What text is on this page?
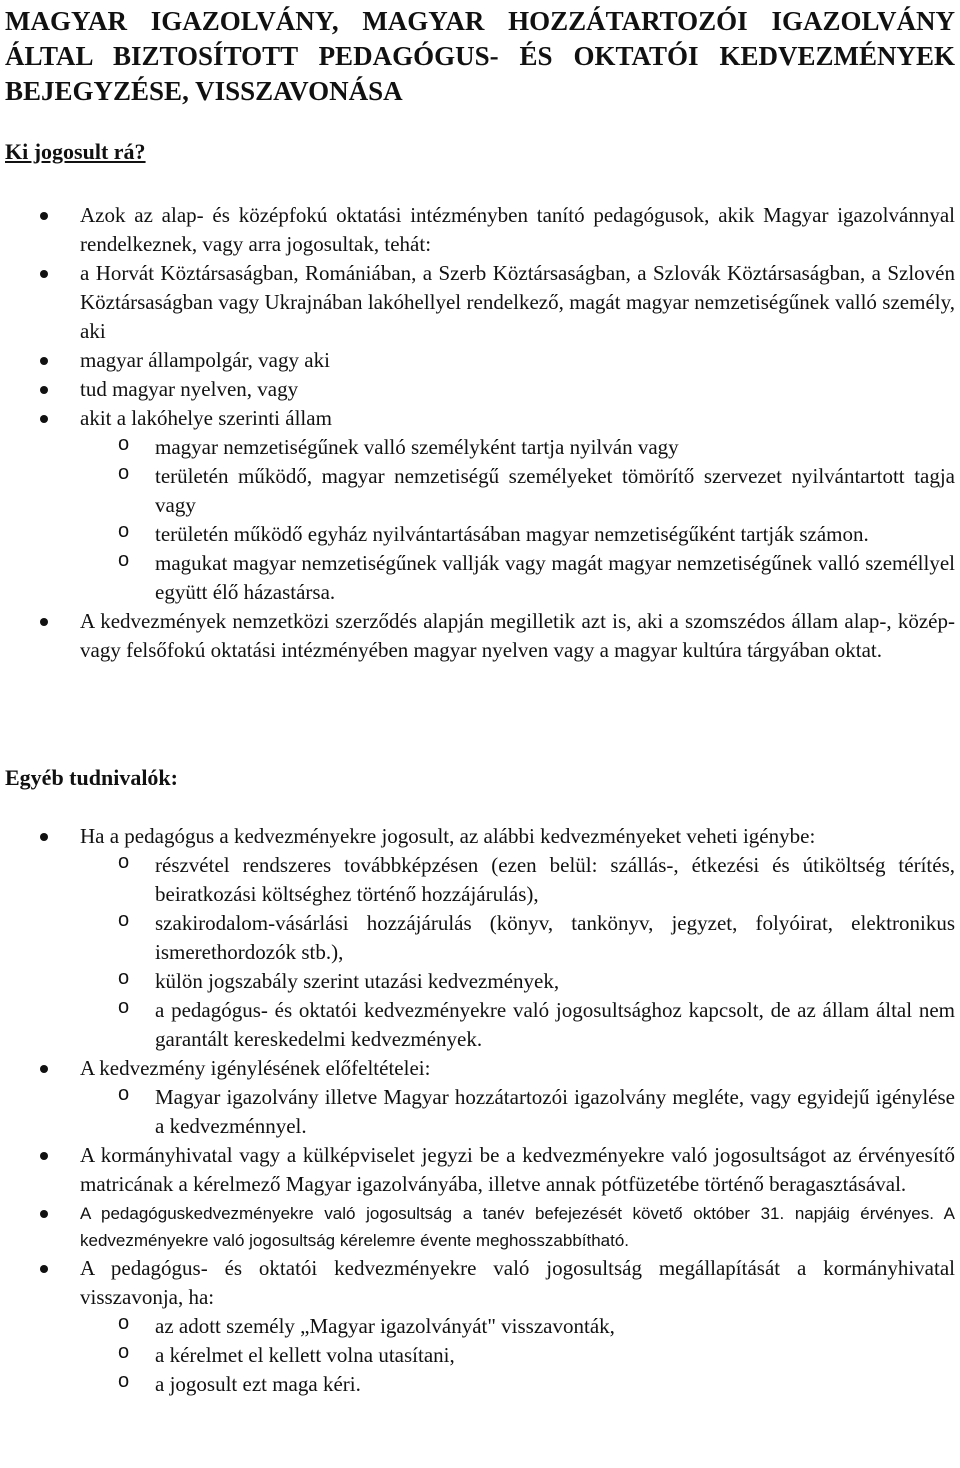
MAGYAR IGAZOLVÁNY, MAGYAR HOZZÁTARTOZÓI IGAZOLVÁNY ÁLTAL BIZTOSÍTOTT PEDAGÓGUS- ÉS OKTATÓI KEDVEZMÉNYEK BEJEGYZÉSE, VISSZAVONÁSA
Ki jogosult rá?
Azok az alap- és középfokú oktatási intézményben tanító pedagógusok, akik Magyar igazolvánnyal rendelkeznek, vagy arra jogosultak, tehát:
a Horvát Köztársaságban, Romániában, a Szerb Köztársaságban, a Szlovák Köztársaságban, a Szlovén Köztársaságban vagy Ukrajnában lakóhellyel rendelkező, magát magyar nemzetiségűnek valló személy, aki
magyar állampolgár, vagy aki
tud magyar nyelven, vagy
akit a lakóhelye szerinti állam
o magyar nemzetiségűnek valló személyként tartja nyilván vagy
o területén működő, magyar nemzetiségű személyeket tömörítő szervezet nyilvántartott tagja vagy
o területén működő egyház nyilvántartásában magyar nemzetiségűként tartják számon.
o magukat magyar nemzetiségűnek vallják vagy magát magyar nemzetiségűnek valló személlyel együtt élő házastársa.
A kedvezmények nemzetközi szerződés alapján megilletik azt is, aki a szomszédos állam alap-, közép- vagy felsőfokú oktatási intézményében magyar nyelven vagy a magyar kultúra tárgyában oktat.
Egyéb tudnivalók:
Ha a pedagógus a kedvezményekre jogosult, az alábbi kedvezményeket veheti igénybe:
o részvétel rendszeres továbbképzésen (ezen belül: szállás-, étkezési és útiköltség térítés, beiratkozási költséghez történő hozzájárulás),
o szakirodalom-vásárlási hozzájárulás (könyv, tankönyv, jegyzet, folyóirat, elektronikus ismerethordozók stb.),
o külön jogszabály szerint utazási kedvezmények,
o a pedagógus- és oktatói kedvezményekre való jogosultsághoz kapcsolt, de az állam által nem garantált kereskedelmi kedvezmények.
A kedvezmény igénylésének előfeltételei:
o Magyar igazolvány illetve Magyar hozzátartozói igazolvány megléte, vagy egyidejű igénylése a kedvezménnyel.
A kormányhivatal vagy a külképviselet jegyzi be a kedvezményekre való jogosultságot az érvényesítő matricának a kérelmező Magyar igazolványába, illetve annak pótfüzetébe történő beragasztásával.
A pedagóguskedvezményekre való jogosultság a tanév befejezését követő október 31. napjáig érvényes. A kedvezményekre való jogosultság kérelemre évente meghosszabbítható.
A pedagógus- és oktatói kedvezményekre való jogosultság megállapítását a kormányhivatal visszavonja, ha:
o az adott személy „Magyar igazolványát" visszavonták,
o a kérelmet el kellett volna utasítani,
o a jogosult ezt maga kéri.
